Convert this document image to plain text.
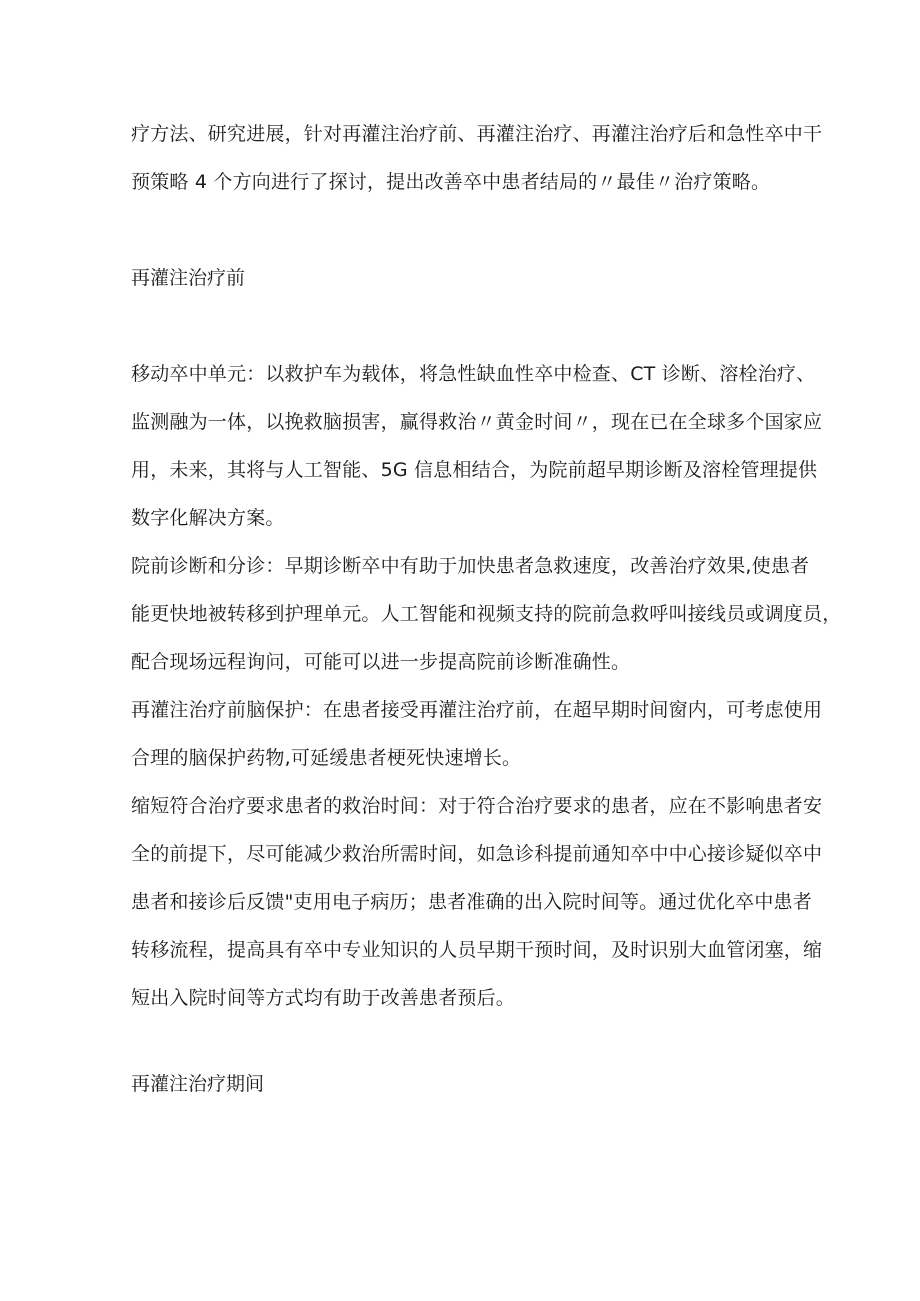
疗方法、研究进展，针对再灌注治疗前、再灌注治疗、再灌注治疗后和急性卒中干
预策略 4 个方向进行了探讨，提出改善卒中患者结局的〃最佳〃治疗策略。
再灌注治疗前
移动卒中单元：以救护车为载体，将急性缺血性卒中检查、CT 诊断、溶栓治疗、
监测融为一体，以挽救脑损害，赢得救治〃黄金时间〃，现在已在全球多个国家应
用，未来，其将与人工智能、5G 信息相结合，为院前超早期诊断及溶栓管理提供
数字化解决方案。
院前诊断和分诊：早期诊断卒中有助于加快患者急救速度，改善治疗效果,使患者
能更快地被转移到护理单元。人工智能和视频支持的院前急救呼叫接线员或调度员，
配合现场远程询问，可能可以进一步提高院前诊断准确性。
再灌注治疗前脑保护：在患者接受再灌注治疗前，在超早期时间窗内，可考虑使用
合理的脑保护药物,可延缓患者梗死快速增长。
缩短符合治疗要求患者的救治时间：对于符合治疗要求的患者，应在不影响患者安
全的前提下，尽可能减少救治所需时间，如急诊科提前通知卒中中心接诊疑似卒中
患者和接诊后反馈"吏用电子病历；患者准确的出入院时间等。通过优化卒中患者
转移流程，提高具有卒中专业知识的人员早期干预时间，及时识别大血管闭塞，缩
短出入院时间等方式均有助于改善患者预后。
再灌注治疗期间
